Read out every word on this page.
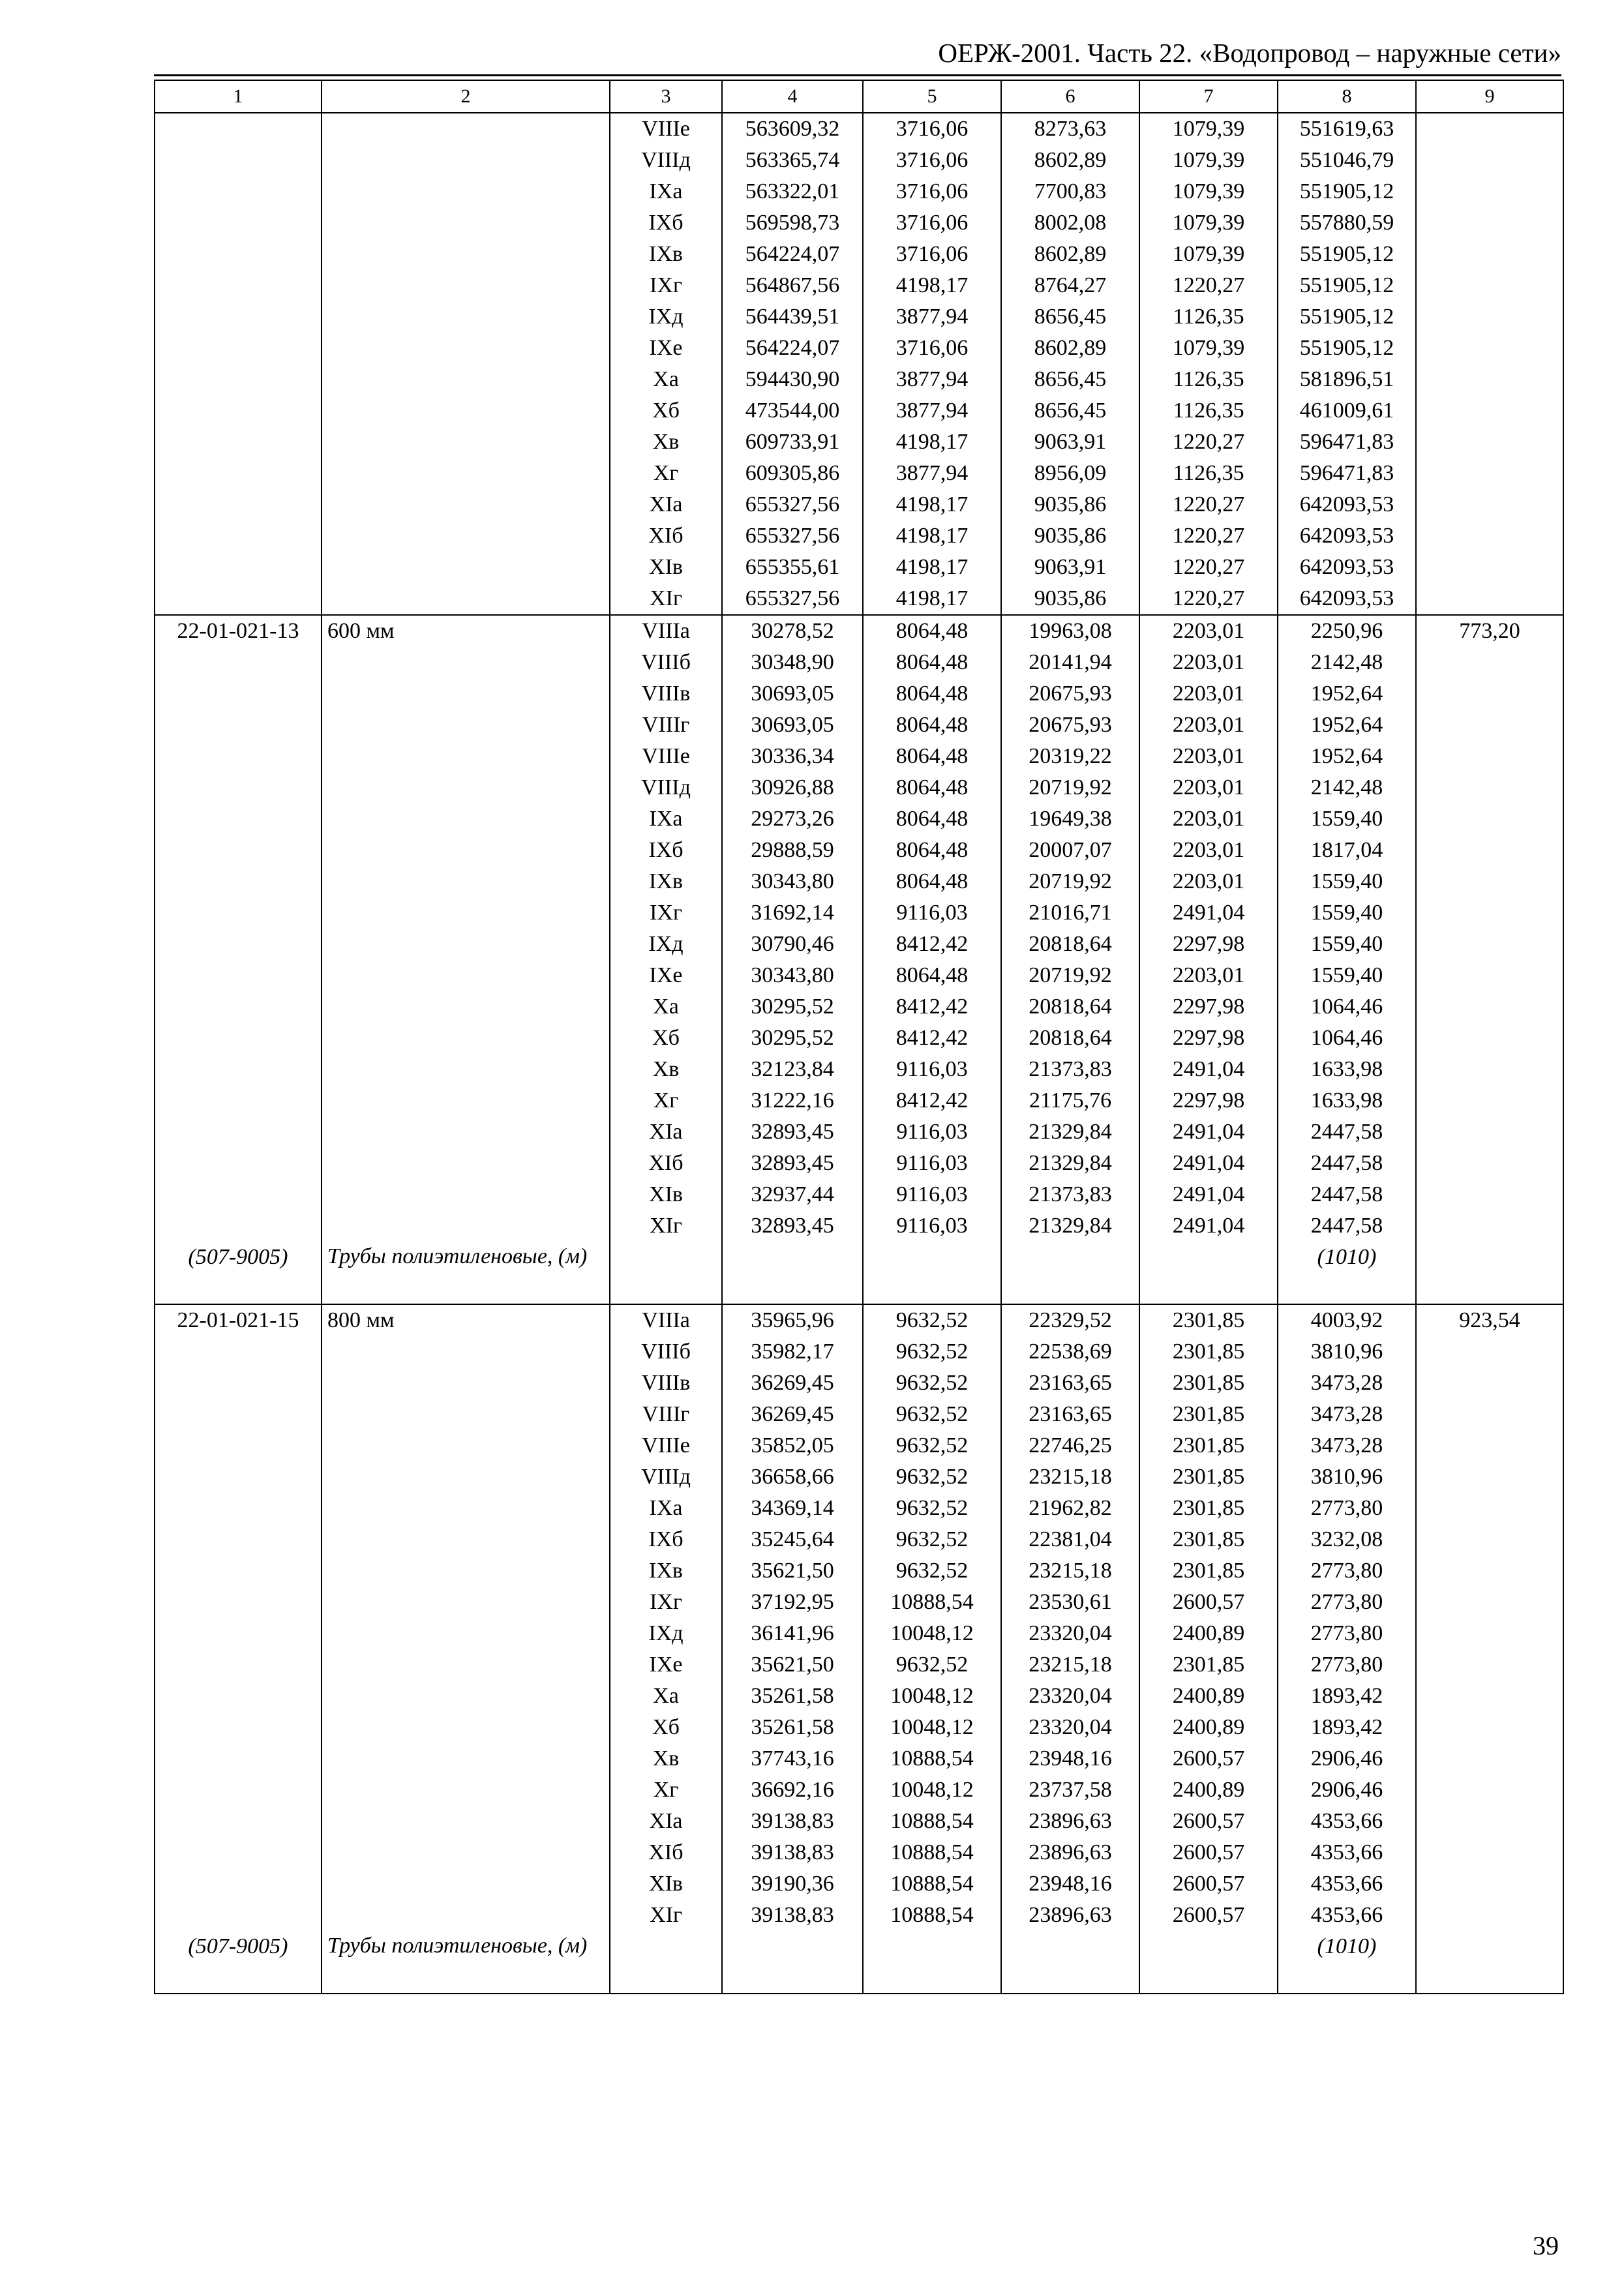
ОЕРЖ-2001. Часть 22. «Водопровод – наружные сети»
1	2	3	4	5	6	7	8	9
		VIIIe	563609,32	3716,06	8273,63	1079,39	551619,63	
		VIIIд	563365,74	3716,06	8602,89	1079,39	551046,79	
		IXa	563322,01	3716,06	7700,83	1079,39	551905,12	
		IXб	569598,73	3716,06	8002,08	1079,39	557880,59	
		IXв	564224,07	3716,06	8602,89	1079,39	551905,12	
		IXг	564867,56	4198,17	8764,27	1220,27	551905,12	
		IXд	564439,51	3877,94	8656,45	1126,35	551905,12	
		IXe	564224,07	3716,06	8602,89	1079,39	551905,12	
		Xa	594430,90	3877,94	8656,45	1126,35	581896,51	
		Xб	473544,00	3877,94	8656,45	1126,35	461009,61	
		Xв	609733,91	4198,17	9063,91	1220,27	596471,83	
		Xг	609305,86	3877,94	8956,09	1126,35	596471,83	
		XIa	655327,56	4198,17	9035,86	1220,27	642093,53	
		XIб	655327,56	4198,17	9035,86	1220,27	642093,53	
		XIв	655355,61	4198,17	9063,91	1220,27	642093,53	
		XIг	655327,56	4198,17	9035,86	1220,27	642093,53	
22-01-021-13	600 мм	VIIIa	30278,52	8064,48	19963,08	2203,01	2250,96	773,20
		VIIIб	30348,90	8064,48	20141,94	2203,01	2142,48	
		VIIIв	30693,05	8064,48	20675,93	2203,01	1952,64	
		VIIIг	30693,05	8064,48	20675,93	2203,01	1952,64	
		VIIIe	30336,34	8064,48	20319,22	2203,01	1952,64	
		VIIIд	30926,88	8064,48	20719,92	2203,01	2142,48	
		IXa	29273,26	8064,48	19649,38	2203,01	1559,40	
		IXб	29888,59	8064,48	20007,07	2203,01	1817,04	
		IXв	30343,80	8064,48	20719,92	2203,01	1559,40	
		IXг	31692,14	9116,03	21016,71	2491,04	1559,40	
		IXд	30790,46	8412,42	20818,64	2297,98	1559,40	
		IXe	30343,80	8064,48	20719,92	2203,01	1559,40	
		Xa	30295,52	8412,42	20818,64	2297,98	1064,46	
		Xб	30295,52	8412,42	20818,64	2297,98	1064,46	
		Xв	32123,84	9116,03	21373,83	2491,04	1633,98	
		Xг	31222,16	8412,42	21175,76	2297,98	1633,98	
		XIa	32893,45	9116,03	21329,84	2491,04	2447,58	
		XIб	32893,45	9116,03	21329,84	2491,04	2447,58	
		XIв	32937,44	9116,03	21373,83	2491,04	2447,58	
		XIг	32893,45	9116,03	21329,84	2491,04	2447,58	
(507-9005)	Трубы полиэтиленовые, (м)						(1010)	
22-01-021-15	800 мм	VIIIa	35965,96	9632,52	22329,52	2301,85	4003,92	923,54
		VIIIб	35982,17	9632,52	22538,69	2301,85	3810,96	
		VIIIв	36269,45	9632,52	23163,65	2301,85	3473,28	
		VIIIг	36269,45	9632,52	23163,65	2301,85	3473,28	
		VIIIe	35852,05	9632,52	22746,25	2301,85	3473,28	
		VIIIд	36658,66	9632,52	23215,18	2301,85	3810,96	
		IXa	34369,14	9632,52	21962,82	2301,85	2773,80	
		IXб	35245,64	9632,52	22381,04	2301,85	3232,08	
		IXв	35621,50	9632,52	23215,18	2301,85	2773,80	
		IXг	37192,95	10888,54	23530,61	2600,57	2773,80	
		IXд	36141,96	10048,12	23320,04	2400,89	2773,80	
		IXe	35621,50	9632,52	23215,18	2301,85	2773,80	
		Xa	35261,58	10048,12	23320,04	2400,89	1893,42	
		Xб	35261,58	10048,12	23320,04	2400,89	1893,42	
		Xв	37743,16	10888,54	23948,16	2600,57	2906,46	
		Xг	36692,16	10048,12	23737,58	2400,89	2906,46	
		XIa	39138,83	10888,54	23896,63	2600,57	4353,66	
		XIб	39138,83	10888,54	23896,63	2600,57	4353,66	
		XIв	39190,36	10888,54	23948,16	2600,57	4353,66	
		XIг	39138,83	10888,54	23896,63	2600,57	4353,66	
(507-9005)	Трубы полиэтиленовые, (м)						(1010)	
39
